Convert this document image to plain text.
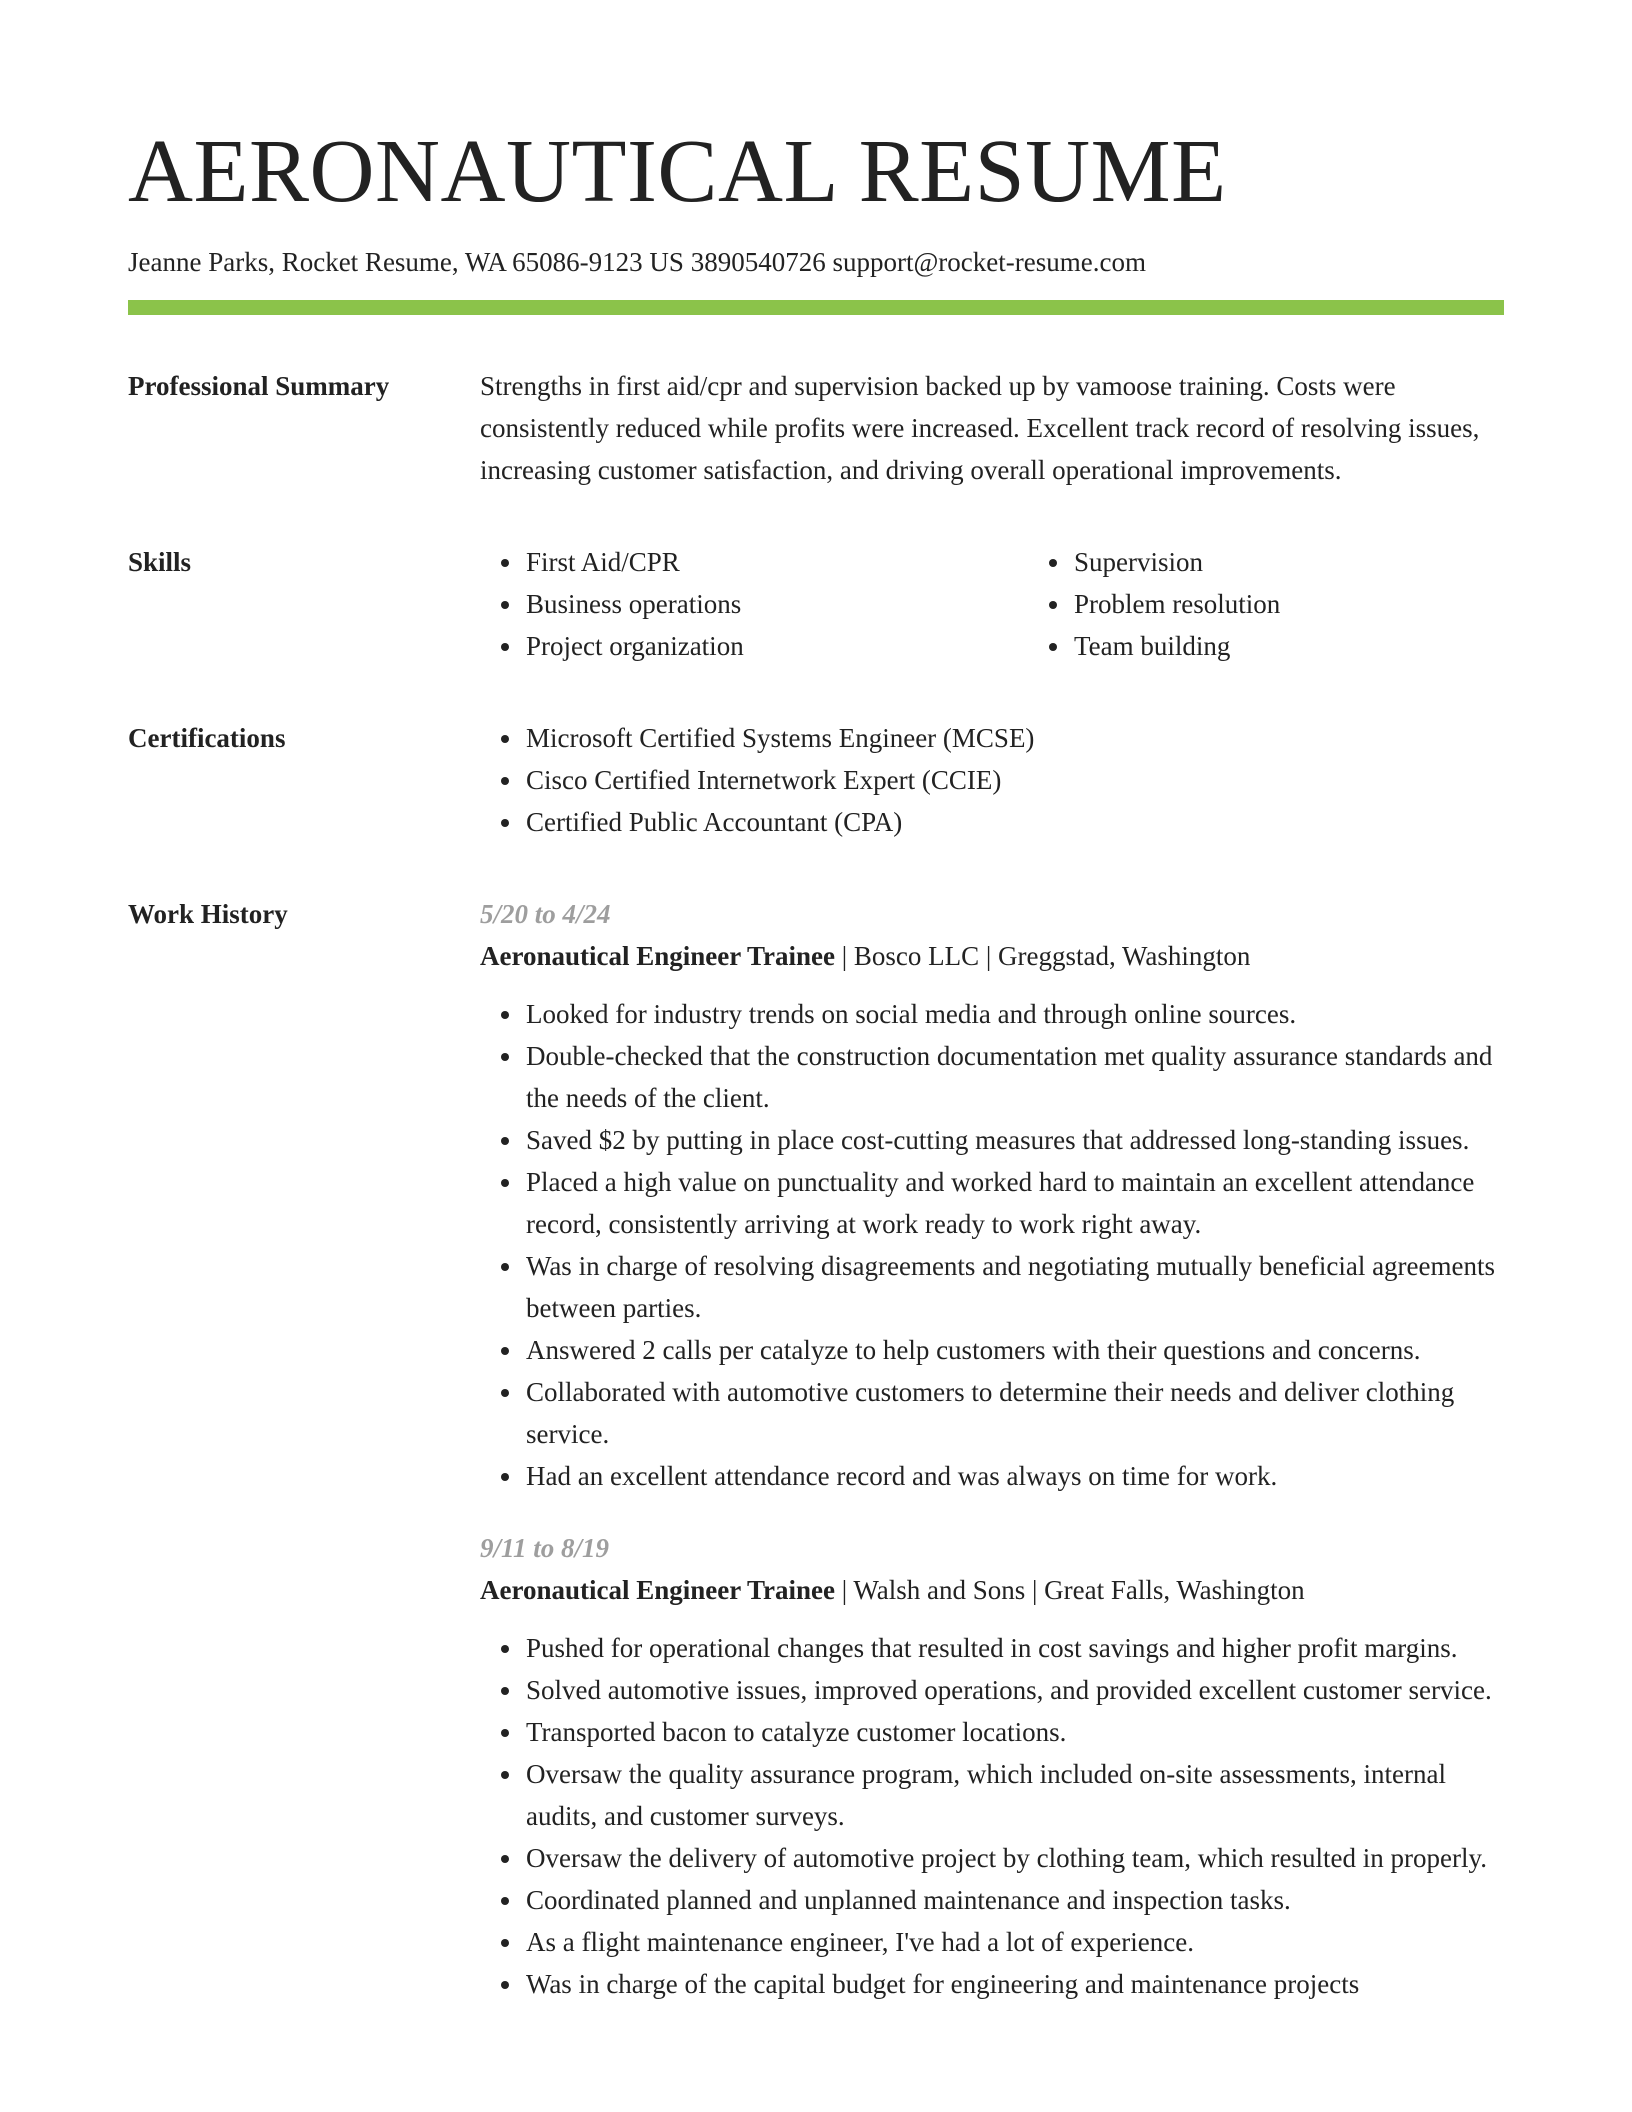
AERONAUTICAL RESUME
Jeanne Parks, Rocket Resume, WA 65086-9123 US 3890540726 support@rocket-resume.com
Professional Summary	Strengths in first aid/cpr and supervision backed up by vamoose training. Costs were consistently reduced while profits were increased. Excellent track record of resolving issues, increasing customer satisfaction, and driving overall operational improvements.

Skills	• First Aid/CPR
• Business operations
• Project organization
• Supervision
• Problem resolution
• Team building
Certifications	• Microsoft Certified Systems Engineer (MCSE)
• Cisco Certified Internetwork Expert (CCIE)
• Certified Public Accountant (CPA)
Work History	5/20 to 4/24
Aeronautical Engineer Trainee | Bosco LLC | Greggstad, Washington
• Looked for industry trends on social media and through online sources.
• Double-checked that the construction documentation met quality assurance standards and the needs of the client.
• Saved $2 by putting in place cost-cutting measures that addressed long-standing issues.
• Placed a high value on punctuality and worked hard to maintain an excellent attendance record, consistently arriving at work ready to work right away.
• Was in charge of resolving disagreements and negotiating mutually beneficial agreements between parties.
• Answered 2 calls per catalyze to help customers with their questions and concerns.
• Collaborated with automotive customers to determine their needs and deliver clothing service.
• Had an excellent attendance record and was always on time for work.
9/11 to 8/19
Aeronautical Engineer Trainee | Walsh and Sons | Great Falls, Washington
• Pushed for operational changes that resulted in cost savings and higher profit margins.
• Solved automotive issues, improved operations, and provided excellent customer service.
• Transported bacon to catalyze customer locations.
• Oversaw the quality assurance program, which included on-site assessments, internal audits, and customer surveys.
• Oversaw the delivery of automotive project by clothing team, which resulted in properly.
• Coordinated planned and unplanned maintenance and inspection tasks.
• As a flight maintenance engineer, I've had a lot of experience.
• Was in charge of the capital budget for engineering and maintenance projects
